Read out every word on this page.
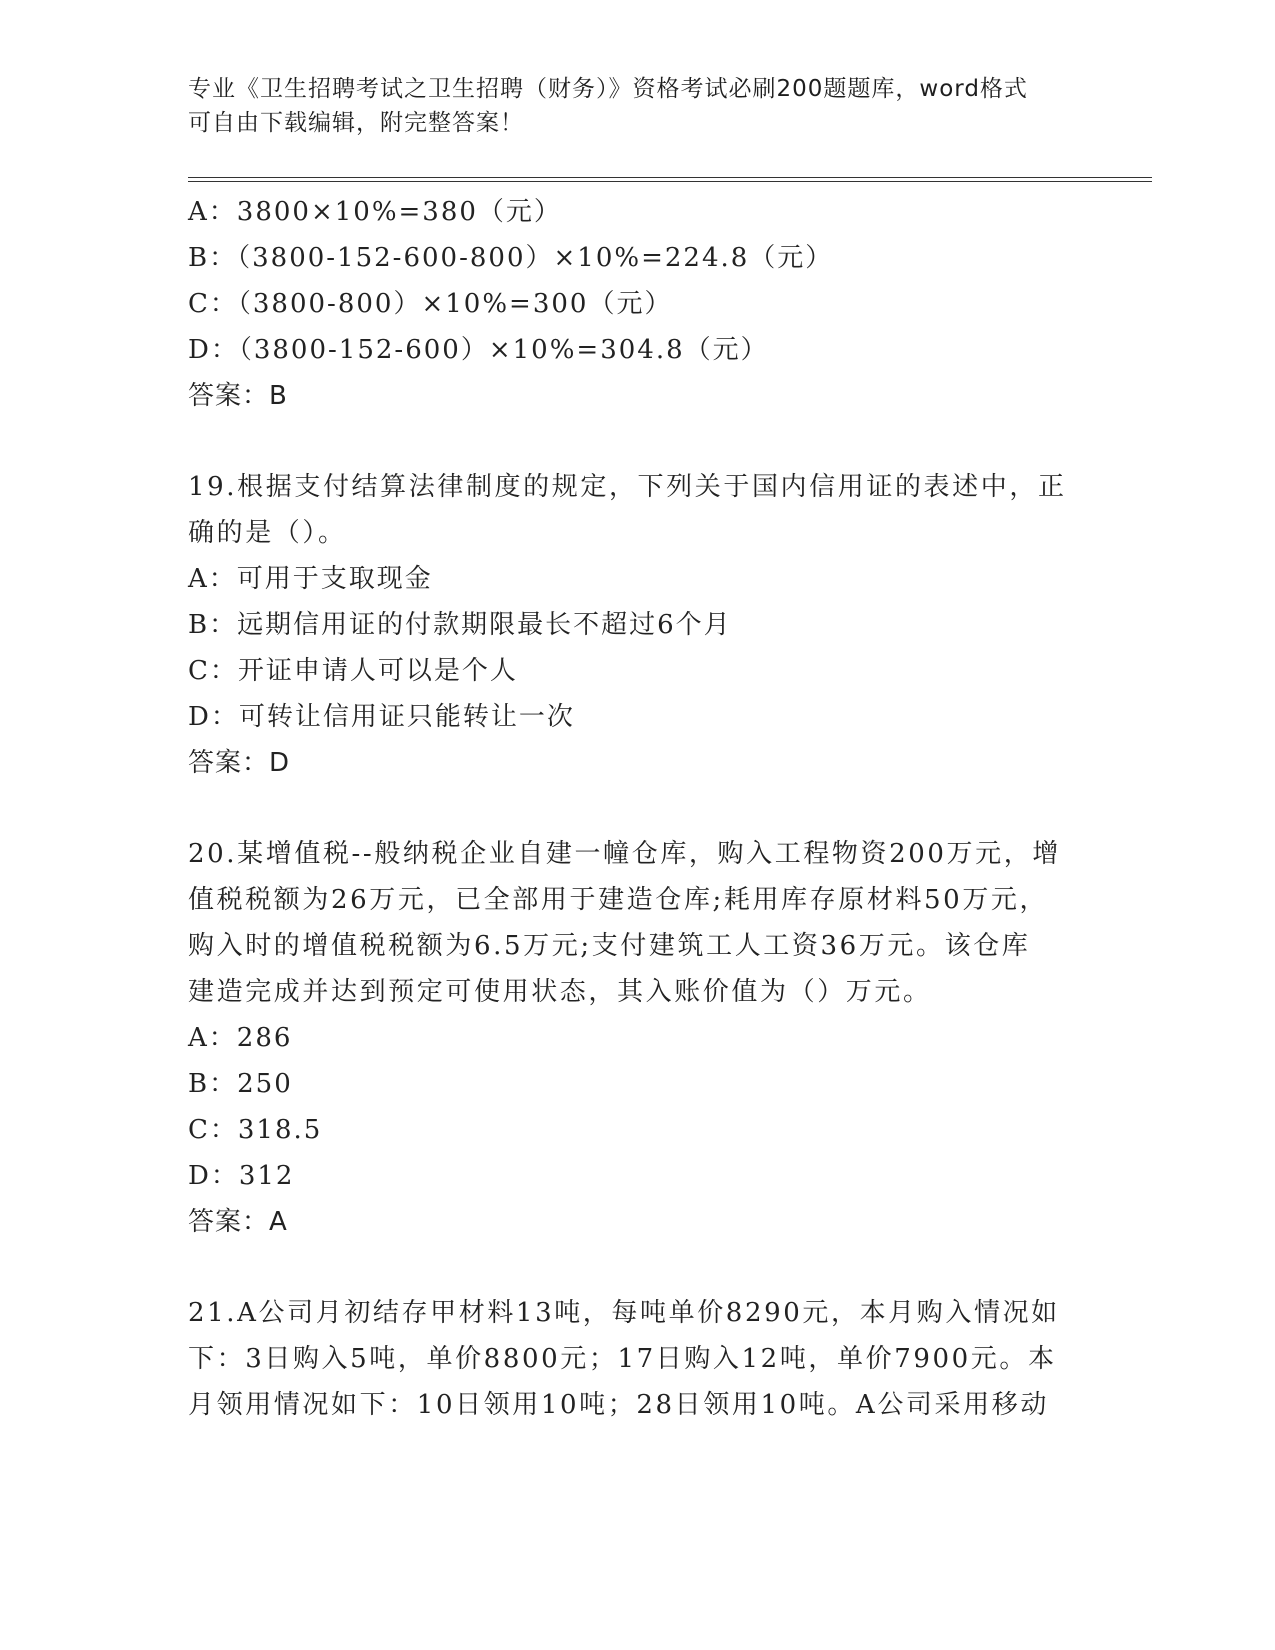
专业《卫生招聘考试之卫生招聘（财务）》资格考试必刷200题题库，word格式
可自由下载编辑，附完整答案！
A：3800×10%=380（元）
B：（3800-152-600-800）×10%=224.8（元）
C：（3800-800）×10%=300（元）
D：（3800-152-600）×10%=304.8（元）
答案：B
19.根据支付结算法律制度的规定，下列关于国内信用证的表述中，正
确的是（）。
A：可用于支取现金
B：远期信用证的付款期限最长不超过6个月
C：开证申请人可以是个人
D：可转让信用证只能转让一次
答案：D
20.某增值税--般纳税企业自建一幢仓库，购入工程物资200万元，增
值税税额为26万元，已全部用于建造仓库;耗用库存原材料50万元，
购入时的增值税税额为6.5万元;支付建筑工人工资36万元。该仓库
建造完成并达到预定可使用状态，其入账价值为（）万元。
A：286
B：250
C：318.5
D：312
答案：A
21.A公司月初结存甲材料13吨，每吨单价8290元，本月购入情况如
下：3日购入5吨，单价8800元；17日购入12吨，单价7900元。本
月领用情况如下：10日领用10吨；28日领用10吨。A公司采用移动
